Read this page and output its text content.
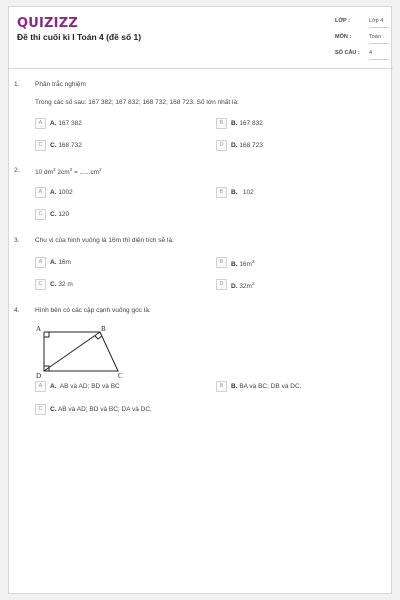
QUIZIZZ
Đề thi cuối kì I Toán 4 (đề số 1)
LỚP :	Lớp 4
MÔN :	Toán
SỐ CÂU : 4
1. Phần trắc nghiệm
Trong các số sau: 167 382; 167 832; 168 732; 168 723. Số lớn nhất là:
A	A. 167 382	B	B. 167 832
C	C. 168 732	D	D. 168 723
2. 10 $dm^2$ $2cm^2 = ......cm^2$
A	A. 1002	B	B. 102
C	C. 120
3. Chu vi của hình vuông là 16m thì diện tích sẽ là:
A	A. 16m	B	B. $16m^2$
C	C. 32 m	D	D. $32m^2$
4. Hình bên có các cặp cạnh vuông góc là:
A	B
C
D
A	A. AB và AD; BD và BC	B	B. BA và BC; DB và DC.
C	C. AB và AD; BD và BC; DA và DC.
